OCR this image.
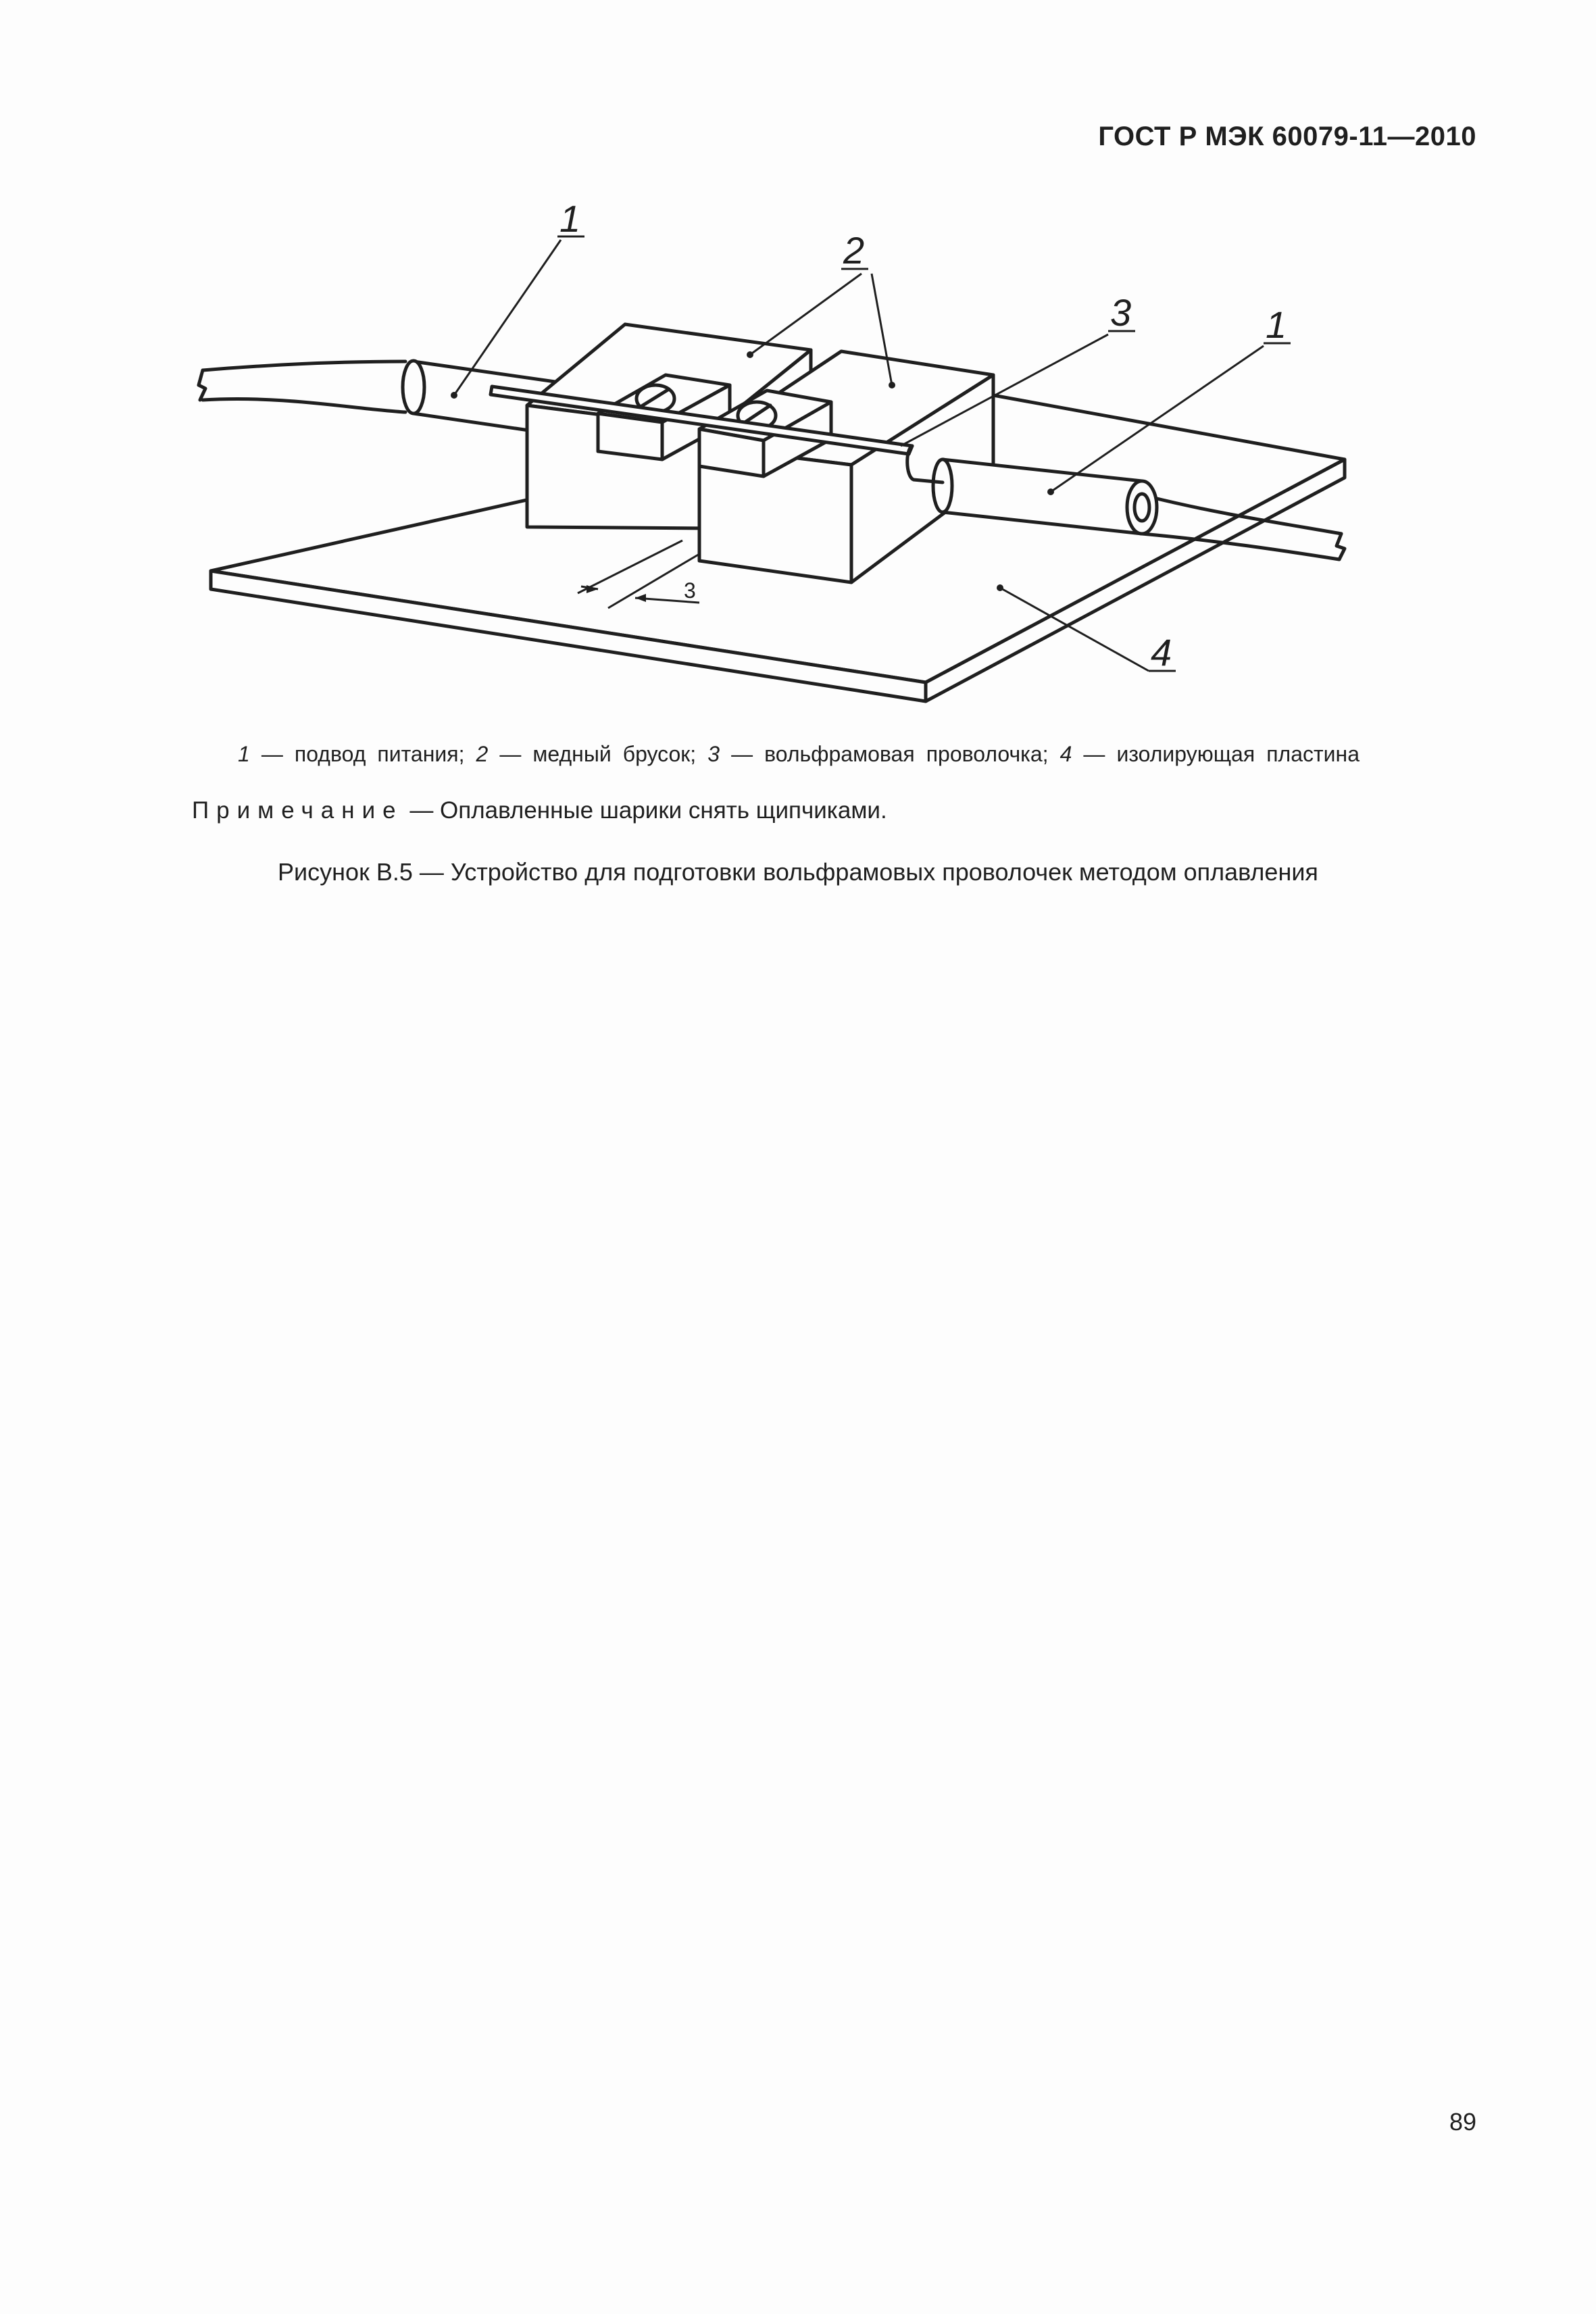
ГОСТ Р МЭК 60079-11—2010
1
2
3	1
4
3
1 — подвод питания; 2 — медный брусок; 3 — вольфрамовая проволочка; 4 — изолирующая пластина
Примечание — Оплавленные шарики снять щипчиками.
Рисунок В.5 — Устройство для подготовки вольфрамовых проволочек методом оплавления
89
